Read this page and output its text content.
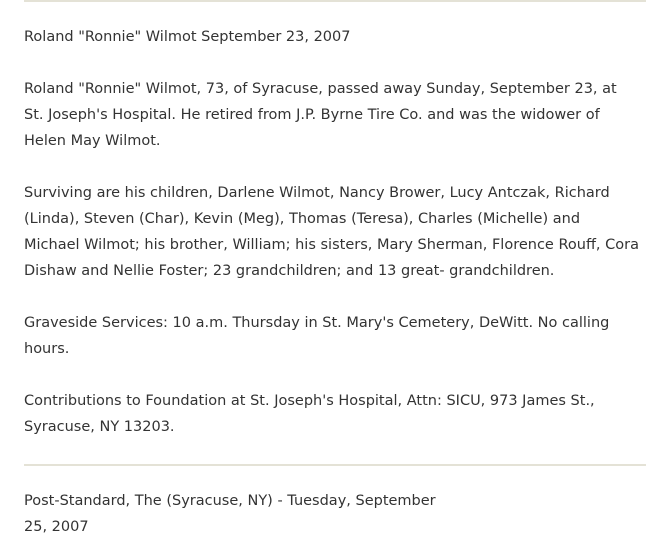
Roland "Ronnie" Wilmot September 23, 2007

Roland "Ronnie" Wilmot, 73, of Syracuse, passed away Sunday, September 23, at St. Joseph's Hospital. He retired from J.P. Byrne Tire Co. and was the widower of Helen May Wilmot.

Surviving are his children, Darlene Wilmot, Nancy Brower, Lucy Antczak, Richard (Linda), Steven (Char), Kevin (Meg), Thomas (Teresa), Charles (Michelle) and Michael Wilmot; his brother, William; his sisters, Mary Sherman, Florence Rouff, Cora Dishaw and Nellie Foster; 23 grandchildren; and 13 great- grandchildren.

Graveside Services: 10 a.m. Thursday in St. Mary's Cemetery, DeWitt. No calling hours.

Contributions to Foundation at St. Joseph's Hospital, Attn: SICU, 973 James St., Syracuse, NY 13203.

Post-Standard, The (Syracuse, NY) - Tuesday, September 25, 2007
